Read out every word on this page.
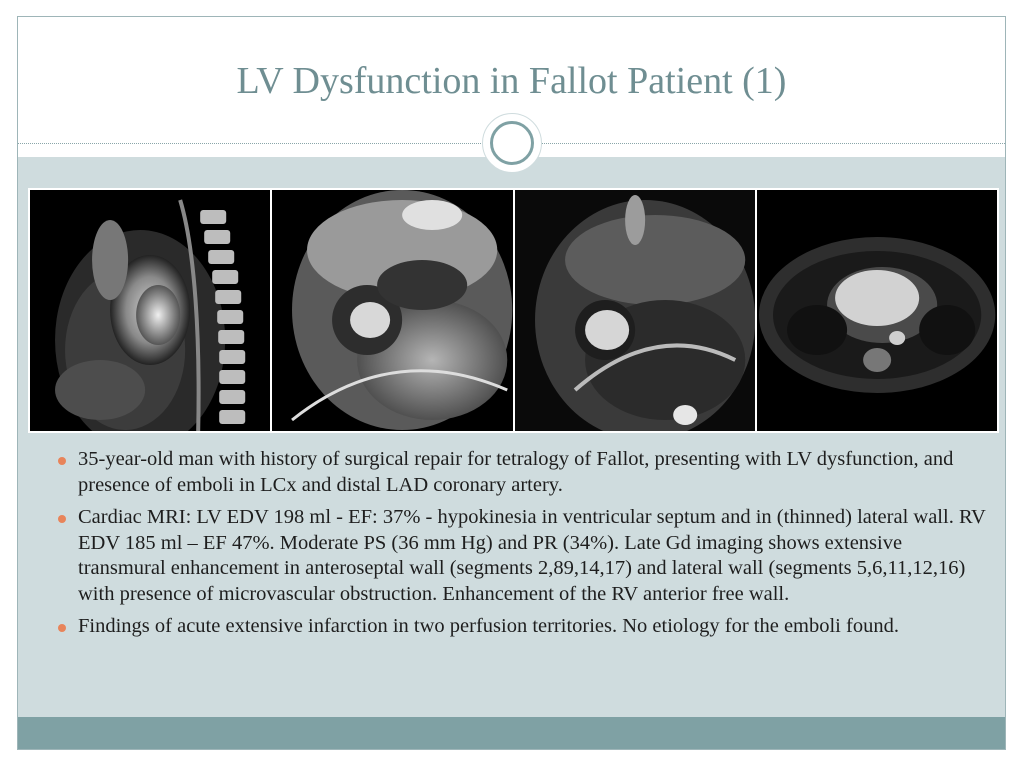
LV Dysfunction in Fallot Patient (1)
35-year-old man with history of surgical repair for tetralogy of Fallot, presenting with LV dysfunction, and presence of emboli in LCx and distal LAD coronary artery.
Cardiac MRI: LV EDV 198 ml - EF: 37% - hypokinesia in ventricular septum and in (thinned) lateral wall. RV EDV 185 ml – EF 47%. Moderate PS (36 mm Hg) and PR (34%). Late Gd imaging shows extensive transmural enhancement in anteroseptal wall (segments 2,89,14,17) and lateral wall (segments 5,6,11,12,16) with presence of microvascular obstruction. Enhancement of the RV anterior free wall.
Findings of acute extensive infarction in two perfusion territories. No etiology for the emboli found.
